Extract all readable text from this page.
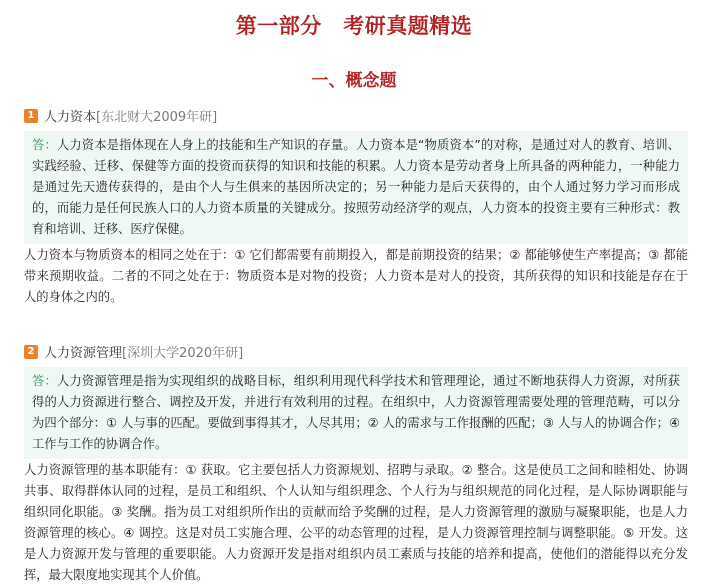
第一部分　考研真题精选
一、概念题
1 人力资本 [东北财大2009年研]

答：人力资本是指体现在人身上的技能和生产知识的存量。人力资本是“物质资本”的对称，是通过对人的教育、培训、实践经验、迁移、保健等方面的投资而获得的知识和技能的积累。人力资本是劳动者身上所具备的两种能力，一种能力是通过先天遗传获得的，是由个人与生俱来的基因所决定的；另一种能力是后天获得的，由个人通过努力学习而形成的，而能力是任何民族人口的人力资本质量的关键成分。按照劳动经济学的观点，人力资本的投资主要有三种形式：教育和培训、迁移、医疗保健。

人力资本与物质资本的相同之处在于：① 它们都需要有前期投入，都是前期投资的结果；② 都能够使生产率提高；③ 都能带来预期收益。二者的不同之处在于：物质资本是对物的投资；人力资本是对人的投资，其所获得的知识和技能是存在于人的身体之内的。

2 人力资源管理 [深圳大学2020年研]

答：人力资源管理是指为实现组织的战略目标，组织利用现代科学技术和管理理论，通过不断地获得人力资源，对所获得的人力资源进行整合、调控及开发，并进行有效利用的过程。在组织中，人力资源管理需要处理的管理范畴，可以分为四个部分：① 人与事的匹配。要做到事得其才，人尽其用；② 人的需求与工作报酬的匹配；③ 人与人的协调合作；④ 工作与工作的协调合作。

人力资源管理的基本职能有：① 获取。它主要包括人力资源规划、招聘与录取。② 整合。这是使员工之间和睦相处、协调共事、取得群体认同的过程，是员工和组织、个人认知与组织理念、个人行为与组织规范的同化过程，是人际协调职能与组织同化职能。③ 奖酬。指为员工对组织所作出的贡献而给予奖酬的过程，是人力资源管理的激励与凝聚职能，也是人力资源管理的核心。④ 调控。这是对员工实施合理、公平的动态管理的过程，是人力资源管理控制与调整职能。⑤ 开发。这是人力资源开发与管理的重要职能。人力资源开发是指对组织内员工素质与技能的培养和提高，使他们的潜能得以充分发挥，最大限度地实现其个人价值。
